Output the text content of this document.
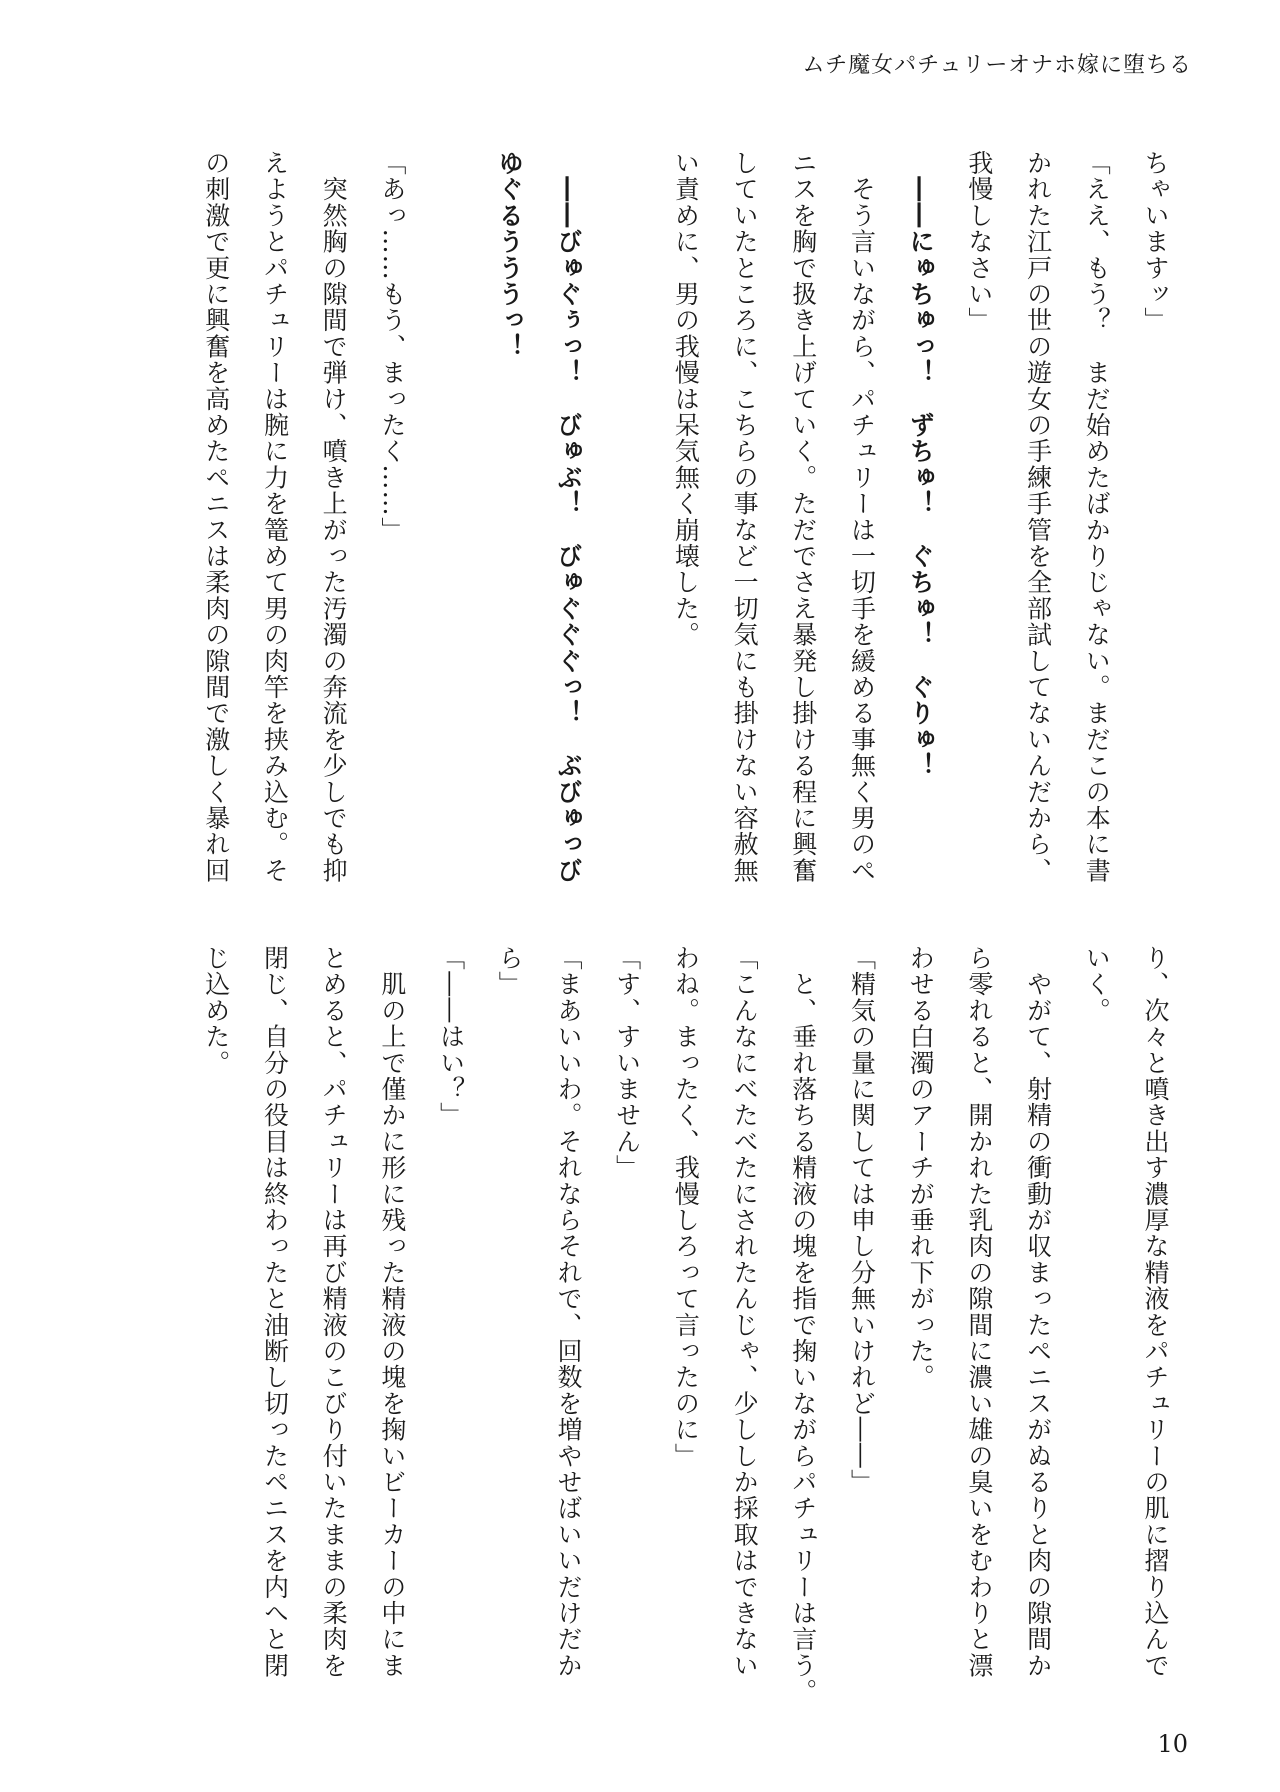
ムチ魔女パチュリーオナホ嫁に堕ちる

ちゃいますッ」

「ええ、もう？　まだ始めたばかりじゃない。まだこの本に書

かれた江戸の世の遊女の手練手管を全部試してないんだから、

我慢しなさい」

　――にゅちゅっ！　ずちゅ！　ぐちゅ！　ぐりゅ！

　そう言いながら、パチュリーは一切手を緩める事無く男のペ

ニスを胸で扱き上げていく。ただでさえ暴発し掛ける程に興奮

していたところに、こちらの事など一切気にも掛けない容赦無

い責めに、男の我慢は呆気無く崩壊した。

　――びゅぐぅっ！　びゅぶ！　びゅぐぐぐっ！　ぶびゅっび

ゆぐるうううっ！

「あっ……もう、まったく……」

　突然胸の隙間で弾け、噴き上がった汚濁の奔流を少しでも抑

えようとパチュリーは腕に力を篭めて男の肉竿を挟み込む。そ

の刺激で更に興奮を高めたペニスは柔肉の隙間で激しく暴れ回

り、次々と噴き出す濃厚な精液をパチュリーの肌に摺り込んで

いく。

　やがて、射精の衝動が収まったペニスがぬるりと肉の隙間か

ら零れると、開かれた乳肉の隙間に濃い雄の臭いをむわりと漂

わせる白濁のアーチが垂れ下がった。

「精気の量に関しては申し分無いけれど――」

　と、垂れ落ちる精液の塊を指で掬いながらパチュリーは言う。

「こんなにべたべたにされたんじゃ、少ししか採取はできない

わね。まったく、我慢しろって言ったのに」

「す、すいません」

「まあいいわ。それならそれで、回数を増やせばいいだけだか

ら」

「――はい？」

　肌の上で僅かに形に残った精液の塊を掬いビーカーの中にま

とめると、パチュリーは再び精液のこびり付いたままの柔肉を

閉じ、自分の役目は終わったと油断し切ったペニスを内へと閉

じ込めた。

10
